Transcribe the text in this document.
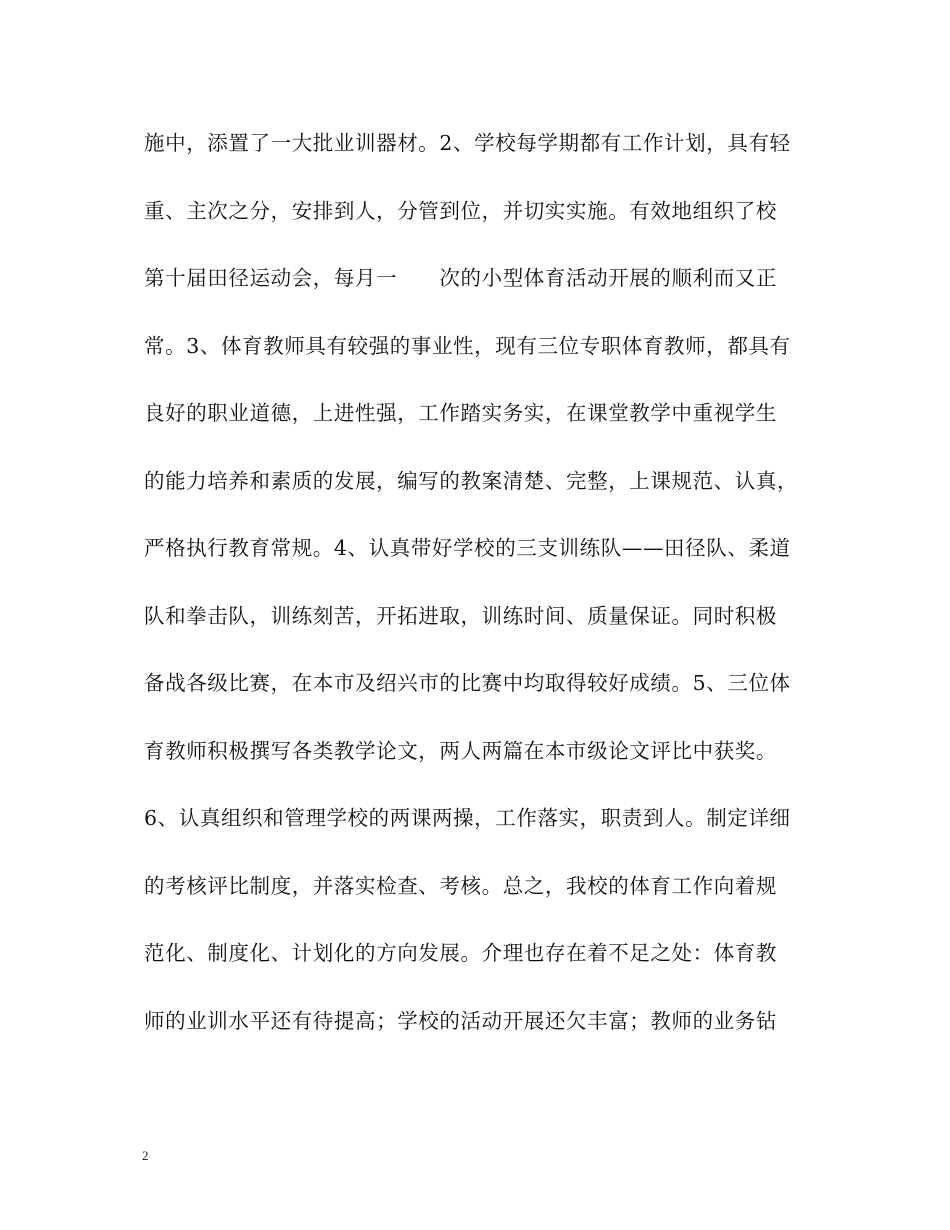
施中，添置了一大批业训器材。2、学校每学期都有工作计划，具有轻
重、主次之分，安排到人，分管到位，并切实实施。有效地组织了校
第十届田径运动会，每月一　　次的小型体育活动开展的顺利而又正
常。3、体育教师具有较强的事业性，现有三位专职体育教师，都具有
良好的职业道德，上进性强，工作踏实务实，在课堂教学中重视学生
的能力培养和素质的发展，编写的教案清楚、完整，上课规范、认真，
严格执行教育常规。4、认真带好学校的三支训练队——田径队、柔道
队和拳击队，训练刻苦，开拓进取，训练时间、质量保证。同时积极
备战各级比赛，在本市及绍兴市的比赛中均取得较好成绩。5、三位体
育教师积极撰写各类教学论文，两人两篇在本市级论文评比中获奖。
6、认真组织和管理学校的两课两操，工作落实，职责到人。制定详细
的考核评比制度，并落实检查、考核。总之，我校的体育工作向着规
范化、制度化、计划化的方向发展。介理也存在着不足之处：体育教
师的业训水平还有待提高；学校的活动开展还欠丰富；教师的业务钻
2
